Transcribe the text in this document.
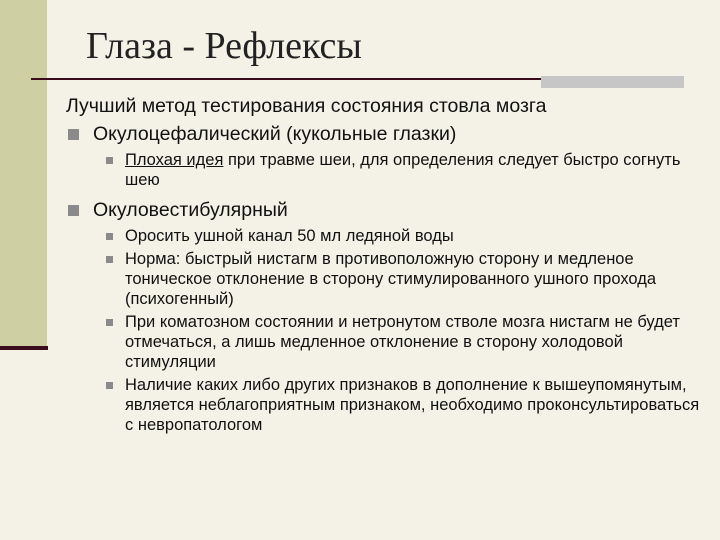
Глаза - Рефлексы
Лучший метод тестирования состояния стовла мозга
Окулоцефалический (кукольные глазки)
Плохая идея при травме шеи, для определения следует быстро согнуть шею
Окуловестибулярный
Оросить ушной канал 50 мл ледяной воды
Норма: быстрый нистагм в противоположную сторону и медленое тоническое отклонение в сторону стимулированного ушного прохода (психогенный)
При коматозном состоянии и нетронутом стволе мозга нистагм не будет отмечаться, а лишь медленное отклонение в сторону холодовой стимуляции
Наличие каких либо других признаков в дополнение к вышеупомянутым, является неблагоприятным признаком, необходимо проконсультироваться с невропатологом
